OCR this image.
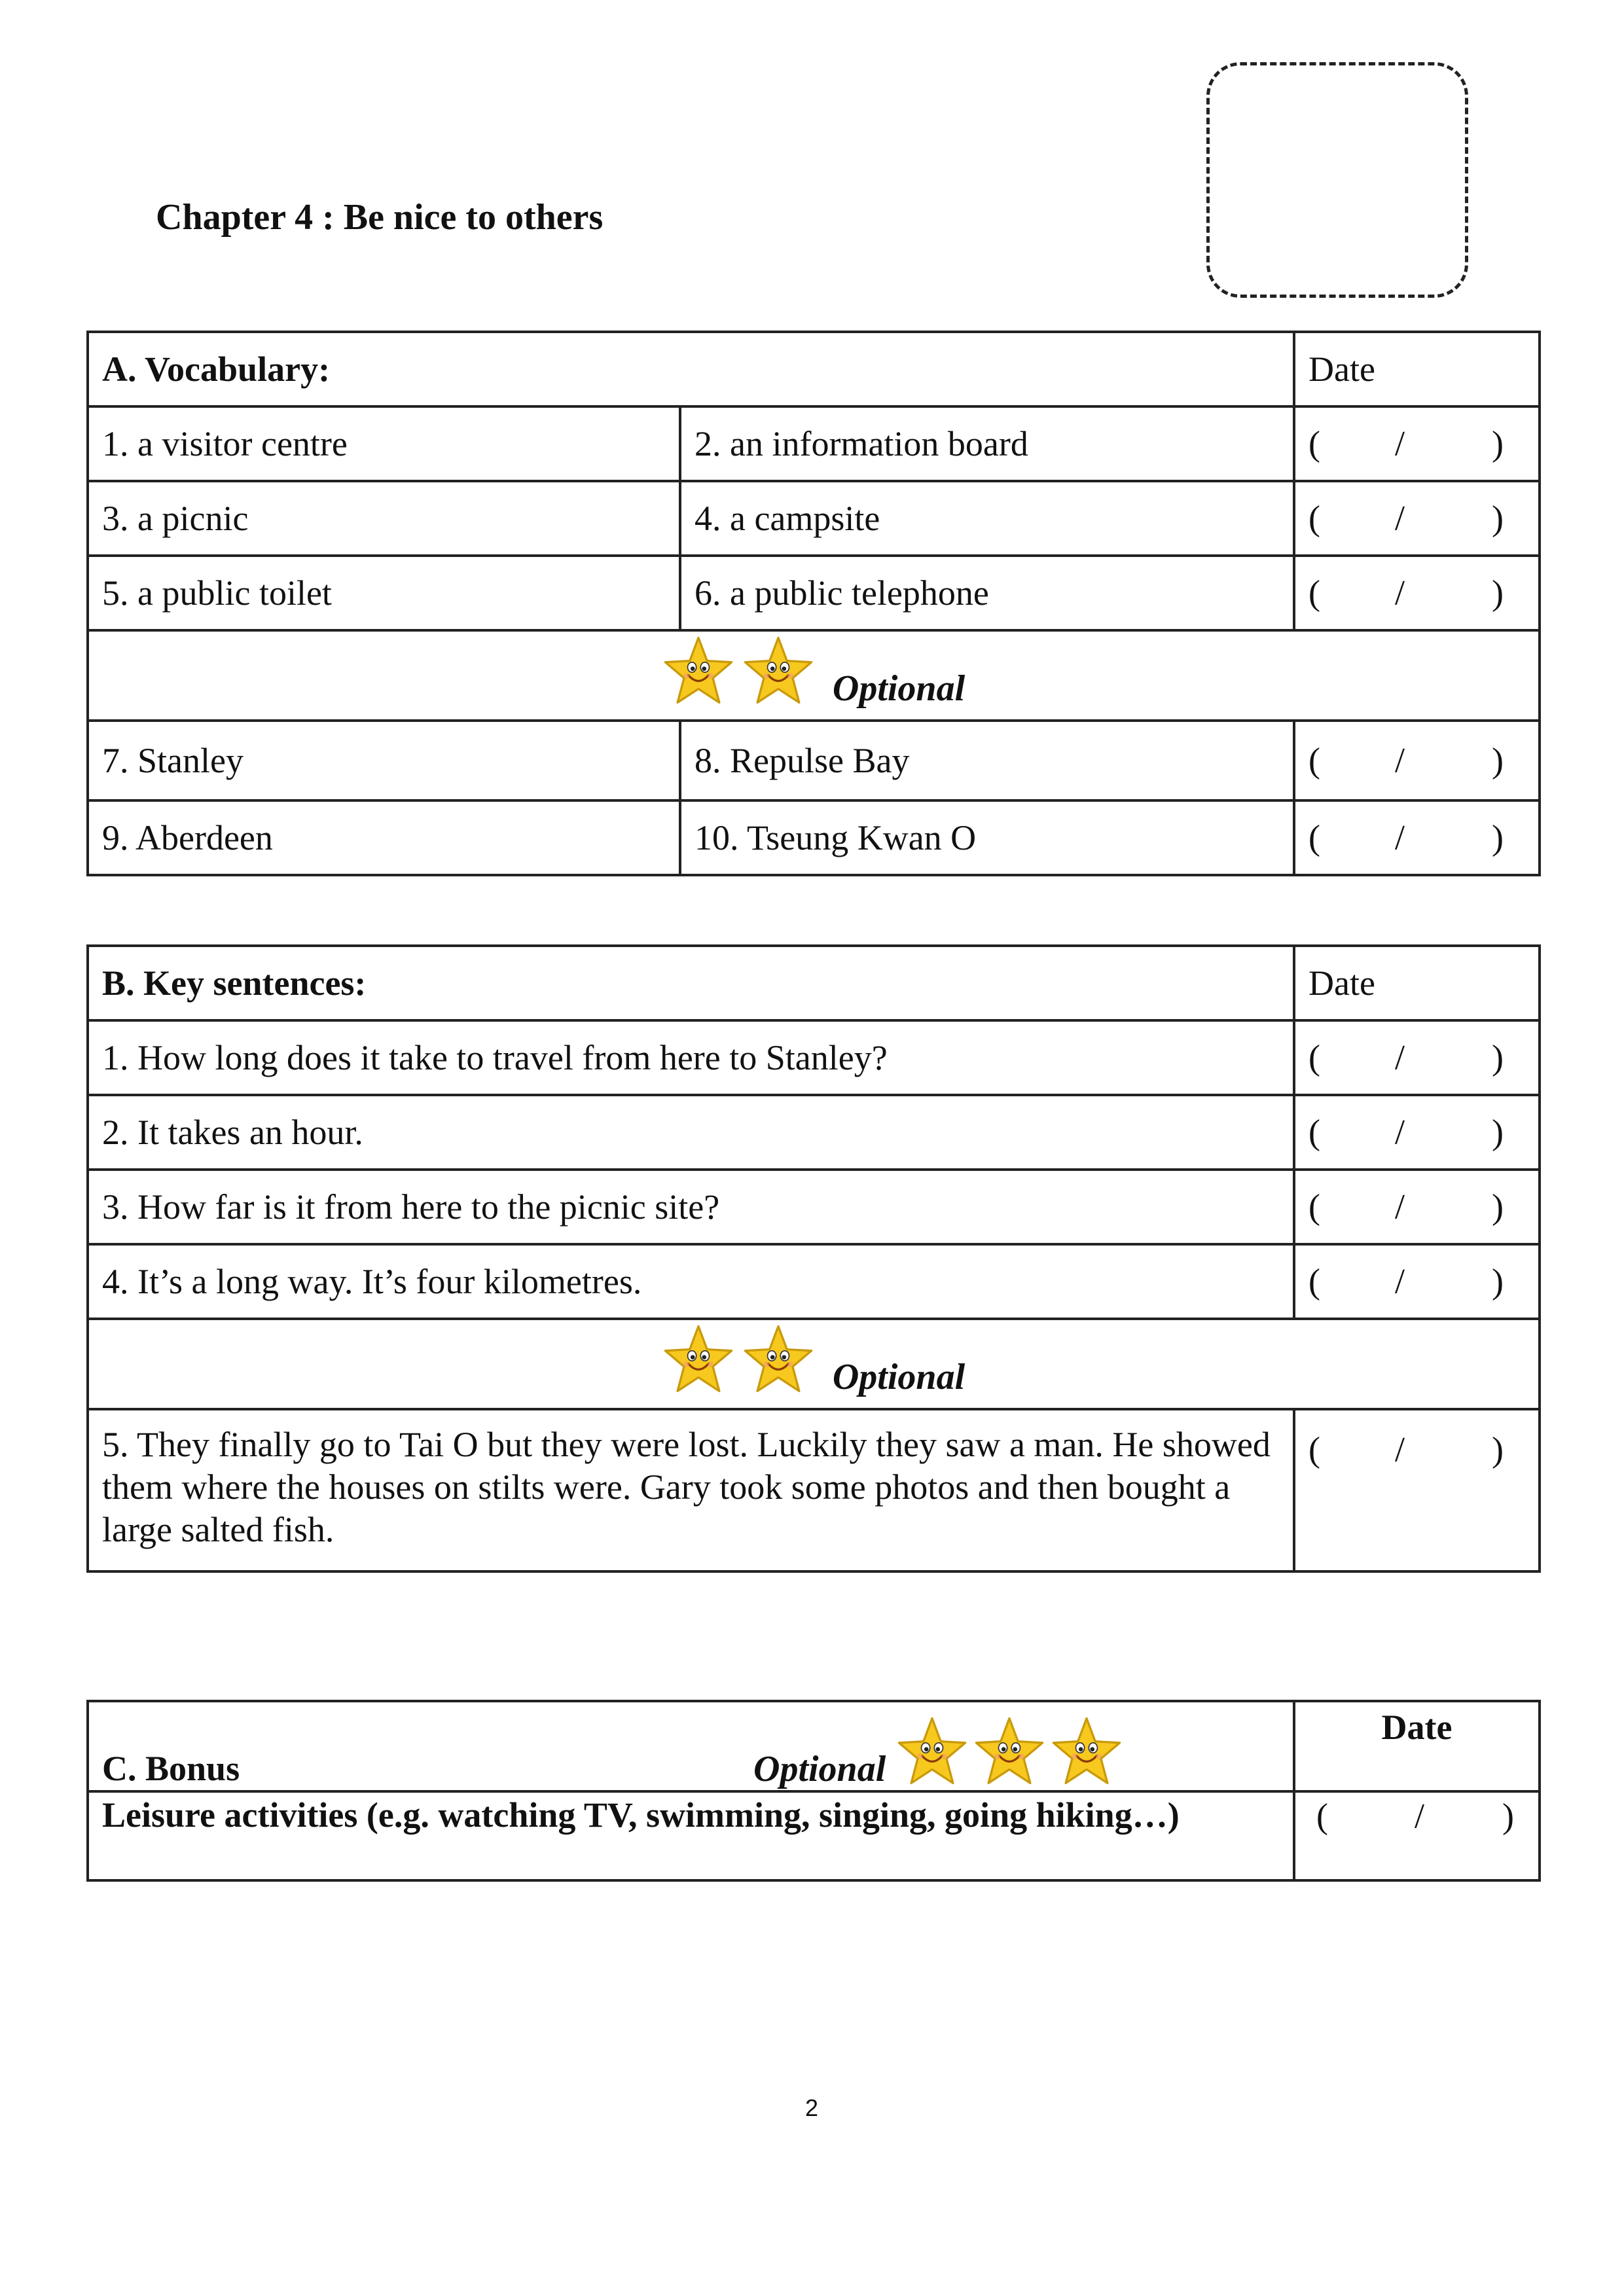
Chapter 4 : Be nice to others
A. Vocabulary:		Date
1. a visitor centre	2. an information board	( / )

3. a picnic	4. a campsite	( / )

5. a public toilet	6. a public telephone	( / )

Optional		

7. Stanley	8. Repulse Bay	( / )

9. Aberdeen	10. Tseung Kwan O	( / )
B. Key sentences:	Date
1. How long does it take to travel from here to Stanley?	( / )

2. It takes an hour.	( / )

3. How far is it from here to the picnic site?	( / )

4. It’s a long way. It’s four kilometres.	( / )

Optional	

5. They finally go to Tai O but they were lost. Luckily they saw a man. He showed them where the houses on stilts were. Gary took some photos and then bought a large salted fish.	( / )
C. Bonus Optional	Date
Leisure activities (e.g. watching TV, swimming, singing, going hiking…)	( / )
2
